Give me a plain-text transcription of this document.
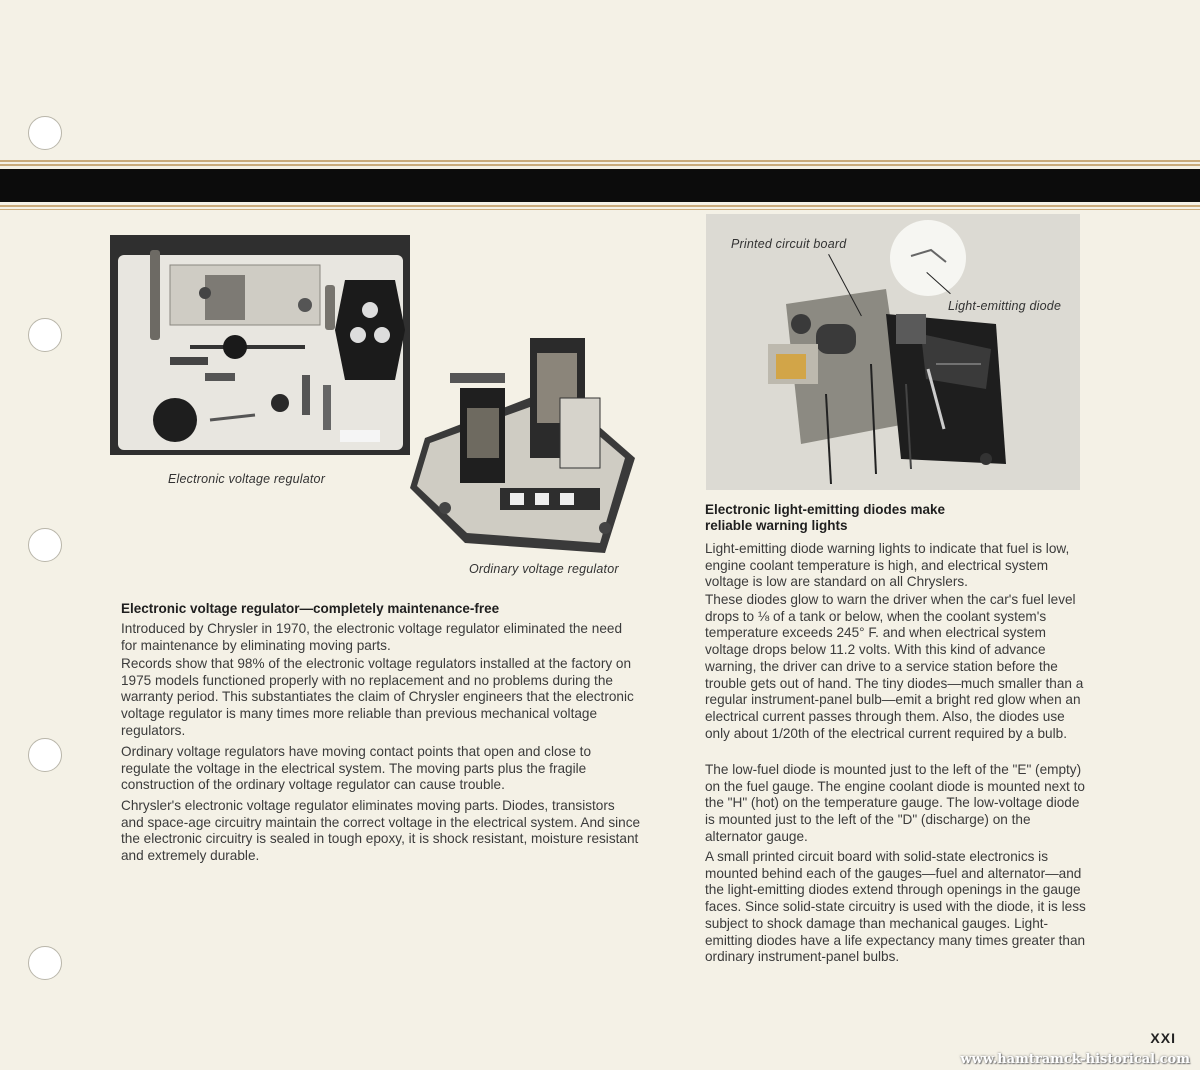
Electronic voltage regulator
Ordinary voltage regulator
Printed circuit board
Light-emitting diode
Electronic voltage regulator—completely maintenance-free
Introduced by Chrysler in 1970, the electronic voltage regulator eliminated the need for maintenance by eliminating moving parts.
Records show that 98% of the electronic voltage regulators installed at the factory on 1975 models functioned properly with no replacement and no problems during the warranty period. This substantiates the claim of Chrysler engineers that the electronic voltage regulator is many times more reliable than previous mechanical voltage regulators.
Ordinary voltage regulators have moving contact points that open and close to regulate the voltage in the electrical system. The moving parts plus the fragile construction of the ordinary voltage regulator can cause trouble.
Chrysler's electronic voltage regulator eliminates moving parts. Diodes, transistors and space-age circuitry maintain the correct voltage in the electrical system. And since the electronic circuitry is sealed in tough epoxy, it is shock resistant, moisture resistant and extremely durable.
Electronic light-emitting diodes make reliable warning lights
Light-emitting diode warning lights to indicate that fuel is low, engine coolant temperature is high, and electrical system voltage is low are standard on all Chryslers.
These diodes glow to warn the driver when the car's fuel level drops to ⅛ of a tank or below, when the coolant system's temperature exceeds 245° F. and when electrical system voltage drops below 11.2 volts. With this kind of advance warning, the driver can drive to a service station before the trouble gets out of hand. The tiny diodes—much smaller than a regular instrument-panel bulb—emit a bright red glow when an electrical current passes through them. Also, the diodes use only about 1/20th of the electrical current required by a bulb.
The low-fuel diode is mounted just to the left of the "E" (empty) on the fuel gauge. The engine coolant diode is mounted next to the "H" (hot) on the temperature gauge. The low-voltage diode is mounted just to the left of the "D" (discharge) on the alternator gauge.
A small printed circuit board with solid-state electronics is mounted behind each of the gauges—fuel and alternator—and the light-emitting diodes extend through openings in the gauge faces. Since solid-state circuitry is used with the diode, it is less subject to shock damage than mechanical gauges. Light-emitting diodes have a life expectancy many times greater than ordinary instrument-panel bulbs.
XXI
www.hamtramck-historical.com
